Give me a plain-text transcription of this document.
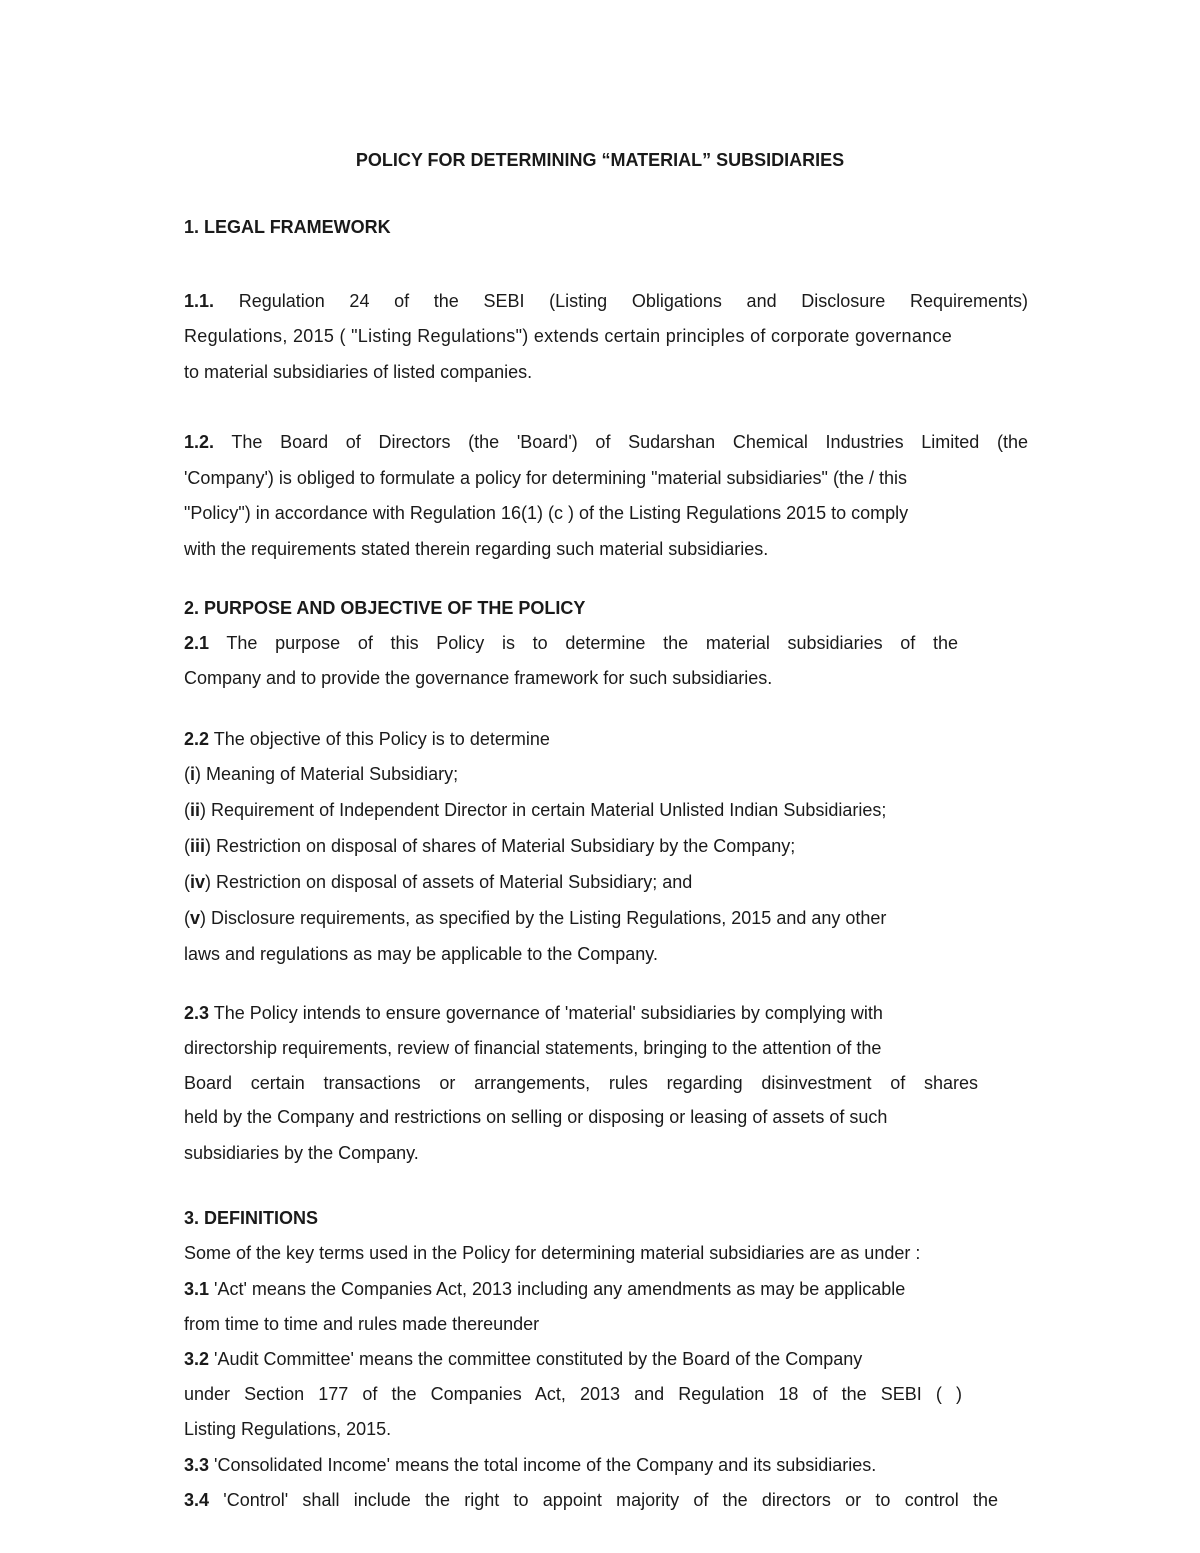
POLICY FOR DETERMINING “MATERIAL” SUBSIDIARIES
1. LEGAL FRAMEWORK
1.1. Regulation 24 of the SEBI (Listing Obligations and Disclosure Requirements)
Regulations, 2015 ( "Listing Regulations") extends certain principles of corporate governance
to material subsidiaries of listed companies.
1.2. The Board of Directors (the 'Board') of Sudarshan Chemical Industries Limited (the
'Company') is obliged to formulate a policy for determining "material subsidiaries" (the / this
"Policy") in accordance with Regulation 16(1) (c ) of the Listing Regulations 2015 to comply
with the requirements stated therein regarding such material subsidiaries.
2. PURPOSE AND OBJECTIVE OF THE POLICY
2.1 The purpose of this Policy is to determine the material subsidiaries of the
Company and to provide the governance framework for such subsidiaries.
2.2 The objective of this Policy is to determine
(i) Meaning of Material Subsidiary;
(ii) Requirement of Independent Director in certain Material Unlisted Indian Subsidiaries;
(iii) Restriction on disposal of shares of Material Subsidiary by the Company;
(iv) Restriction on disposal of assets of Material Subsidiary; and
(v) Disclosure requirements, as specified by the Listing Regulations, 2015 and any other
laws and regulations as may be applicable to the Company.
2.3 The Policy intends to ensure governance of 'material' subsidiaries by complying with
directorship requirements, review of financial statements, bringing to the attention of the
Board certain transactions or arrangements, rules regarding disinvestment of shares
held by the Company and restrictions on selling or disposing or leasing of assets of such
subsidiaries by the Company.
3. DEFINITIONS
Some of the key terms used in the Policy for determining material subsidiaries are as under :
3.1 'Act' means the Companies Act, 2013 including any amendments as may be applicable
from time to time and rules made thereunder
3.2 'Audit Committee' means the committee constituted by the Board of the Company
under Section 177 of the Companies Act, 2013 and Regulation 18 of the SEBI ( )
Listing Regulations, 2015.
3.3 'Consolidated Income' means the total income of the Company and its subsidiaries.
3.4 'Control' shall include the right to appoint majority of the directors or to control the
